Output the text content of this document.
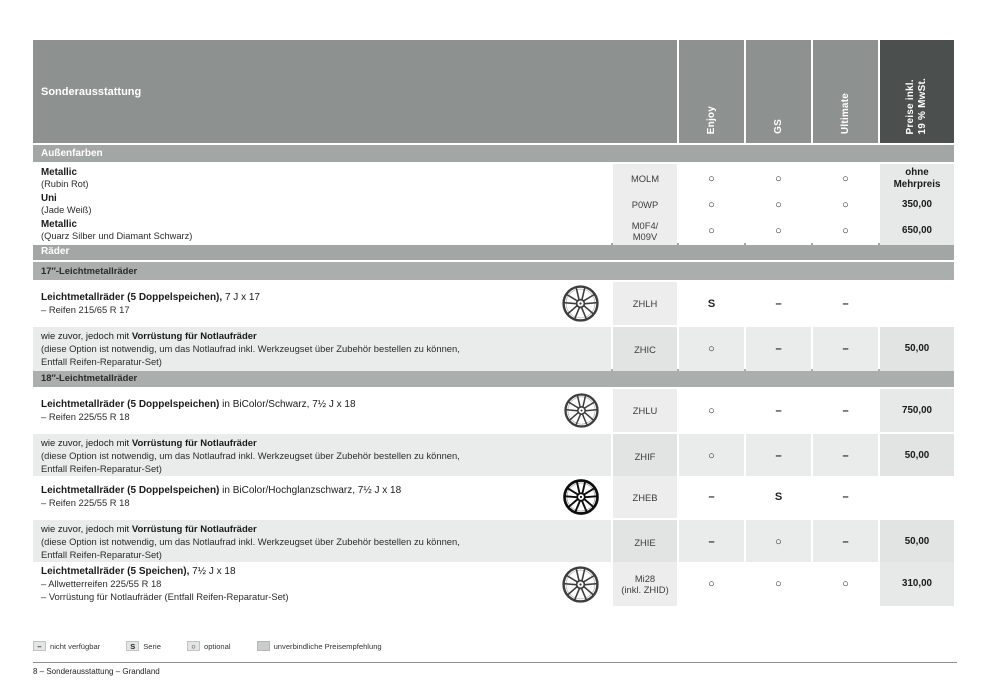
Sonderausstattung
Enjoy	GS	Ultimate	Preise inkl.
19 % MwSt.
Außenfarben
Metallic
(Rubin Rot)	MOLM	○	○	○	ohne Mehrpreis
Uni
(Jade Weiß)	P0WP	○	○	○	350,00
Metallic
(Quarz Silber und Diamant Schwarz)
M0F4/
M09V	○	○	○	650,00
Räder
17″-Leichtmetallräder
Leichtmetallräder (5 Doppelspeichen), 7 J x 17
– Reifen 215/65 R 17
ZHLH	S	–	–
wie zuvor, jedoch mit Vorrüstung für Notlaufräder
(diese Option ist notwendig, um das Notlaufrad inkl. Werkzeugset über Zubehör bestellen zu können,
Entfall Reifen-Reparatur-Set)
ZHIC	○	–	–	50,00
18″-Leichtmetallräder
Leichtmetallräder (5 Doppelspeichen) in BiColor/Schwarz, 7½ J x 18
– Reifen 225/55 R 18
ZHLU	○	–	–	750,00
wie zuvor, jedoch mit Vorrüstung für Notlaufräder
(diese Option ist notwendig, um das Notlaufrad inkl. Werkzeugset über Zubehör bestellen zu können,
Entfall Reifen-Reparatur-Set)
ZHIF	○	–	–	50,00
Leichtmetallräder (5 Doppelspeichen) in BiColor/Hochglanzschwarz, 7½ J x 18
– Reifen 225/55 R 18
ZHEB	–	S	–
wie zuvor, jedoch mit Vorrüstung für Notlaufräder
(diese Option ist notwendig, um das Notlaufrad inkl. Werkzeugset über Zubehör bestellen zu können,
Entfall Reifen-Reparatur-Set)
ZHIE	–	○	–	50,00
Leichtmetallräder (5 Speichen), 7½ J x 18
– Allwetterreifen 225/55 R 18
– Vorrüstung für Notlaufräder (Entfall Reifen-Reparatur-Set)
Mi28
(inkl. ZHID)	○	○	○	310,00
–	nicht verfügbar	S	Serie	○	optional	unverbindliche Preisempfehlung
8 – Sonderausstattung – Grandland
